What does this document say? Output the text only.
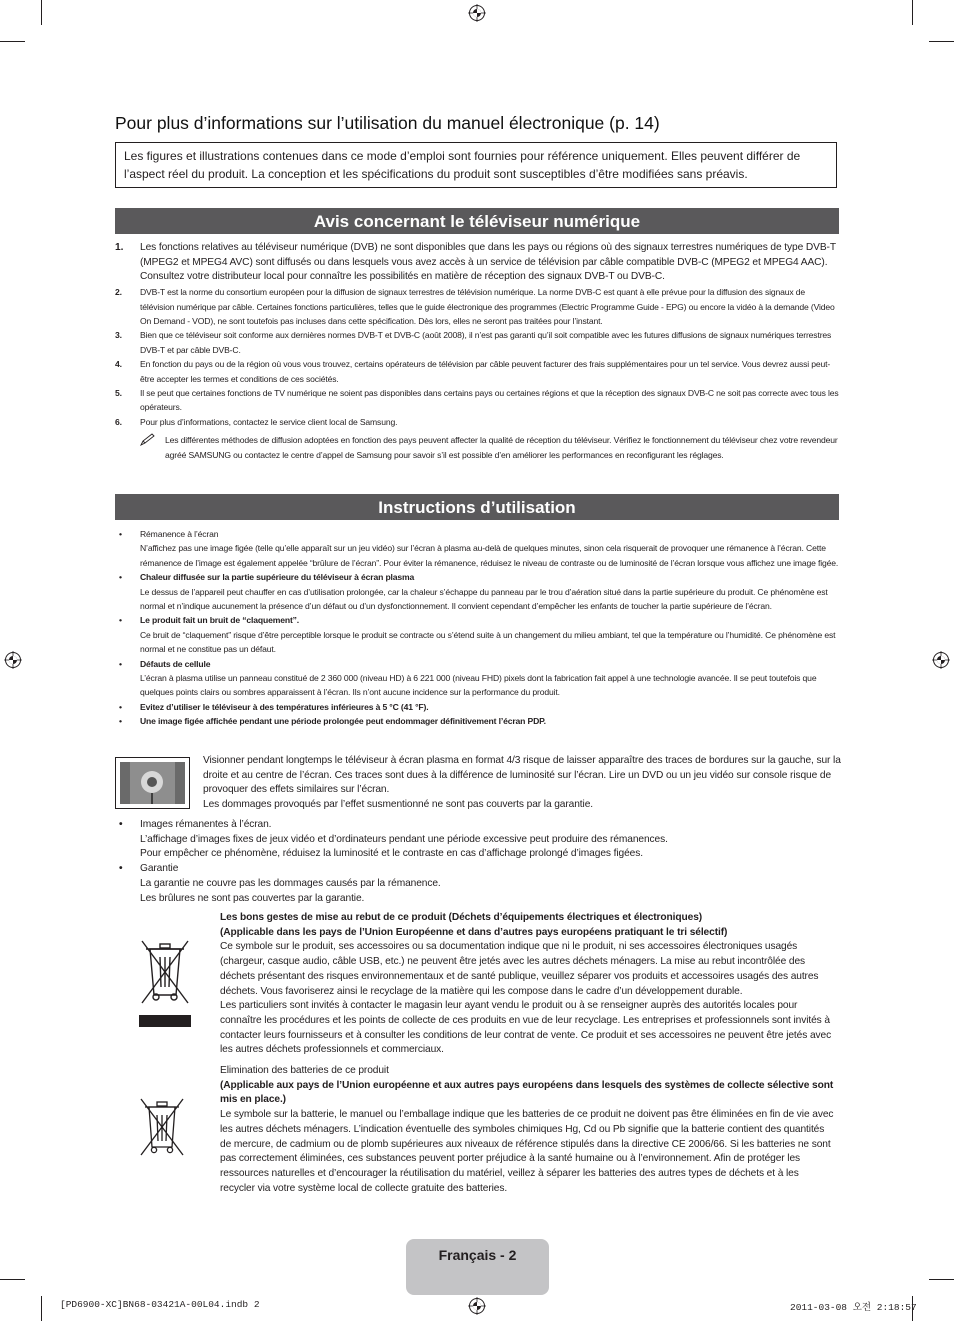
Pour plus d’informations sur l’utilisation du manuel électronique (p. 14)
Les figures et illustrations contenues dans ce mode d’emploi sont fournies pour référence uniquement. Elles peuvent différer de l’aspect réel du produit. La conception et les spécifications du produit sont susceptibles d’être modifiées sans préavis.
Avis concernant le téléviseur numérique
1. Les fonctions relatives au téléviseur numérique (DVB) ne sont disponibles que dans les pays ou régions où des signaux terrestres numériques de type DVB-T (MPEG2 et MPEG4 AVC) sont diffusés ou dans lesquels vous avez accès à un service de télévision par câble compatible DVB-C (MPEG2 et MPEG4 AAC). Consultez votre distributeur local pour connaître les possibilités en matière de réception des signaux DVB-T ou DVB-C.
2. DVB-T est la norme du consortium européen pour la diffusion de signaux terrestres de télévision numérique. La norme DVB-C est quant à elle prévue pour la diffusion des signaux de télévision numérique par câble. Certaines fonctions particulières, telles que le guide électronique des programmes (Electric Programme Guide - EPG) ou encore la vidéo à la demande (Video On Demand - VOD), ne sont toutefois pas incluses dans cette spécification. Dès lors, elles ne seront pas traitées pour l’instant.
3. Bien que ce téléviseur soit conforme aux dernières normes DVB-T et DVB-C (août 2008), il n’est pas garanti qu’il soit compatible avec les futures diffusions de signaux numériques terrestres DVB-T et par câble DVB-C.
4. En fonction du pays ou de la région où vous vous trouvez, certains opérateurs de télévision par câble peuvent facturer des frais supplémentaires pour un tel service. Vous devrez aussi peut-être accepter les termes et conditions de ces sociétés.
5. Il se peut que certaines fonctions de TV numérique ne soient pas disponibles dans certains pays ou certaines régions et que la réception des signaux DVB-C ne soit pas correcte avec tous les opérateurs.
6. Pour plus d’informations, contactez le service client local de Samsung.
Les différentes méthodes de diffusion adoptées en fonction des pays peuvent affecter la qualité de réception du téléviseur. Vérifiez le fonctionnement du téléviseur chez votre revendeur agréé SAMSUNG ou contactez le centre d’appel de Samsung pour savoir s’il est possible d’en améliorer les performances en reconfigurant les réglages.
Instructions d’utilisation
• Rémanence à l’écran
N’affichez pas une image figée (telle qu’elle apparaît sur un jeu vidéo) sur l’écran à plasma au-delà de quelques minutes, sinon cela risquerait de provoquer une rémanence à l’écran. Cette rémanence de l’image est également appelée “brûlure de l’écran”. Pour éviter la rémanence, réduisez le niveau de contraste ou de luminosité de l’écran lorsque vous affichez une image figée.
• Chaleur diffusée sur la partie supérieure du téléviseur à écran plasma
Le dessus de l’appareil peut chauffer en cas d’utilisation prolongée, car la chaleur s’échappe du panneau par le trou d’aération situé dans la partie supérieure du produit. Ce phénomène est normal et n’indique aucunement la présence d’un défaut ou d’un dysfonctionnement. Il convient cependant d’empêcher les enfants de toucher la partie supérieure de l’écran.
• Le produit fait un bruit de “claquement”.
Ce bruit de “claquement” risque d’être perceptible lorsque le produit se contracte ou s’étend suite à un changement du milieu ambiant, tel que la température ou l’humidité. Ce phénomène est normal et ne constitue pas un défaut.
• Défauts de cellule
L’écran à plasma utilise un panneau constitué de 2 360 000 (niveau HD) à 6 221 000 (niveau FHD) pixels dont la fabrication fait appel à une technologie avancée. Il se peut toutefois que quelques points clairs ou sombres apparaissent à l’écran. Ils n’ont aucune incidence sur la performance du produit.
• Evitez d’utiliser le téléviseur à des températures inférieures à 5 °C (41 °F).
• Une image figée affichée pendant une période prolongée peut endommager définitivement l’écran PDP.
Visionner pendant longtemps le téléviseur à écran plasma en format 4/3 risque de laisser apparaître des traces de bordures sur la gauche, sur la droite et au centre de l’écran. Ces traces sont dues à la différence de luminosité sur l’écran. Lire un DVD ou un jeu vidéo sur console risque de provoquer des effets similaires sur l’écran.
Les dommages provoqués par l’effet susmentionné ne sont pas couverts par la garantie.
• Images rémanentes à l’écran.
L’affichage d’images fixes de jeux vidéo et d’ordinateurs pendant une période excessive peut produire des rémanences.
Pour empêcher ce phénomène, réduisez la luminosité et le contraste en cas d’affichage prolongé d’images figées.
• Garantie
La garantie ne couvre pas les dommages causés par la rémanence.
Les brûlures ne sont pas couvertes par la garantie.
Les bons gestes de mise au rebut de ce produit (Déchets d’équipements électriques et électroniques)
(Applicable dans les pays de l’Union Européenne et dans d’autres pays européens pratiquant le tri sélectif)
Ce symbole sur le produit, ses accessoires ou sa documentation indique que ni le produit, ni ses accessoires électroniques usagés (chargeur, casque audio, câble USB, etc.) ne peuvent être jetés avec les autres déchets ménagers. La mise au rebut incontrôlée des déchets présentant des risques environnementaux et de santé publique, veuillez séparer vos produits et accessoires usagés des autres déchets. Vous favoriserez ainsi le recyclage de la matière qui les compose dans le cadre d’un développement durable.
Les particuliers sont invités à contacter le magasin leur ayant vendu le produit ou à se renseigner auprès des autorités locales pour connaître les procédures et les points de collecte de ces produits en vue de leur recyclage. Les entreprises et professionnels sont invités à contacter leurs fournisseurs et à consulter les conditions de leur contrat de vente. Ce produit et ses accessoires ne peuvent être jetés avec les autres déchets professionnels et commerciaux.
Elimination des batteries de ce produit
(Applicable aux pays de l’Union européenne et aux autres pays européens dans lesquels des systèmes de collecte sélective sont mis en place.)
Le symbole sur la batterie, le manuel ou l’emballage indique que les batteries de ce produit ne doivent pas être éliminées en fin de vie avec les autres déchets ménagers. L’indication éventuelle des symboles chimiques Hg, Cd ou Pb signifie que la batterie contient des quantités de mercure, de cadmium ou de plomb supérieures aux niveaux de référence stipulés dans la directive CE 2006/66. Si les batteries ne sont pas correctement éliminées, ces substances peuvent porter préjudice à la santé humaine ou à l’environnement. Afin de protéger les ressources naturelles et d’encourager la réutilisation du matériel, veillez à séparer les batteries des autres types de déchets et à les recycler via votre système local de collecte gratuite des batteries.
Français - 2
[PD6900-XC]BN68-03421A-00L04.indb 2	2011-03-08 오전 2:18:57
